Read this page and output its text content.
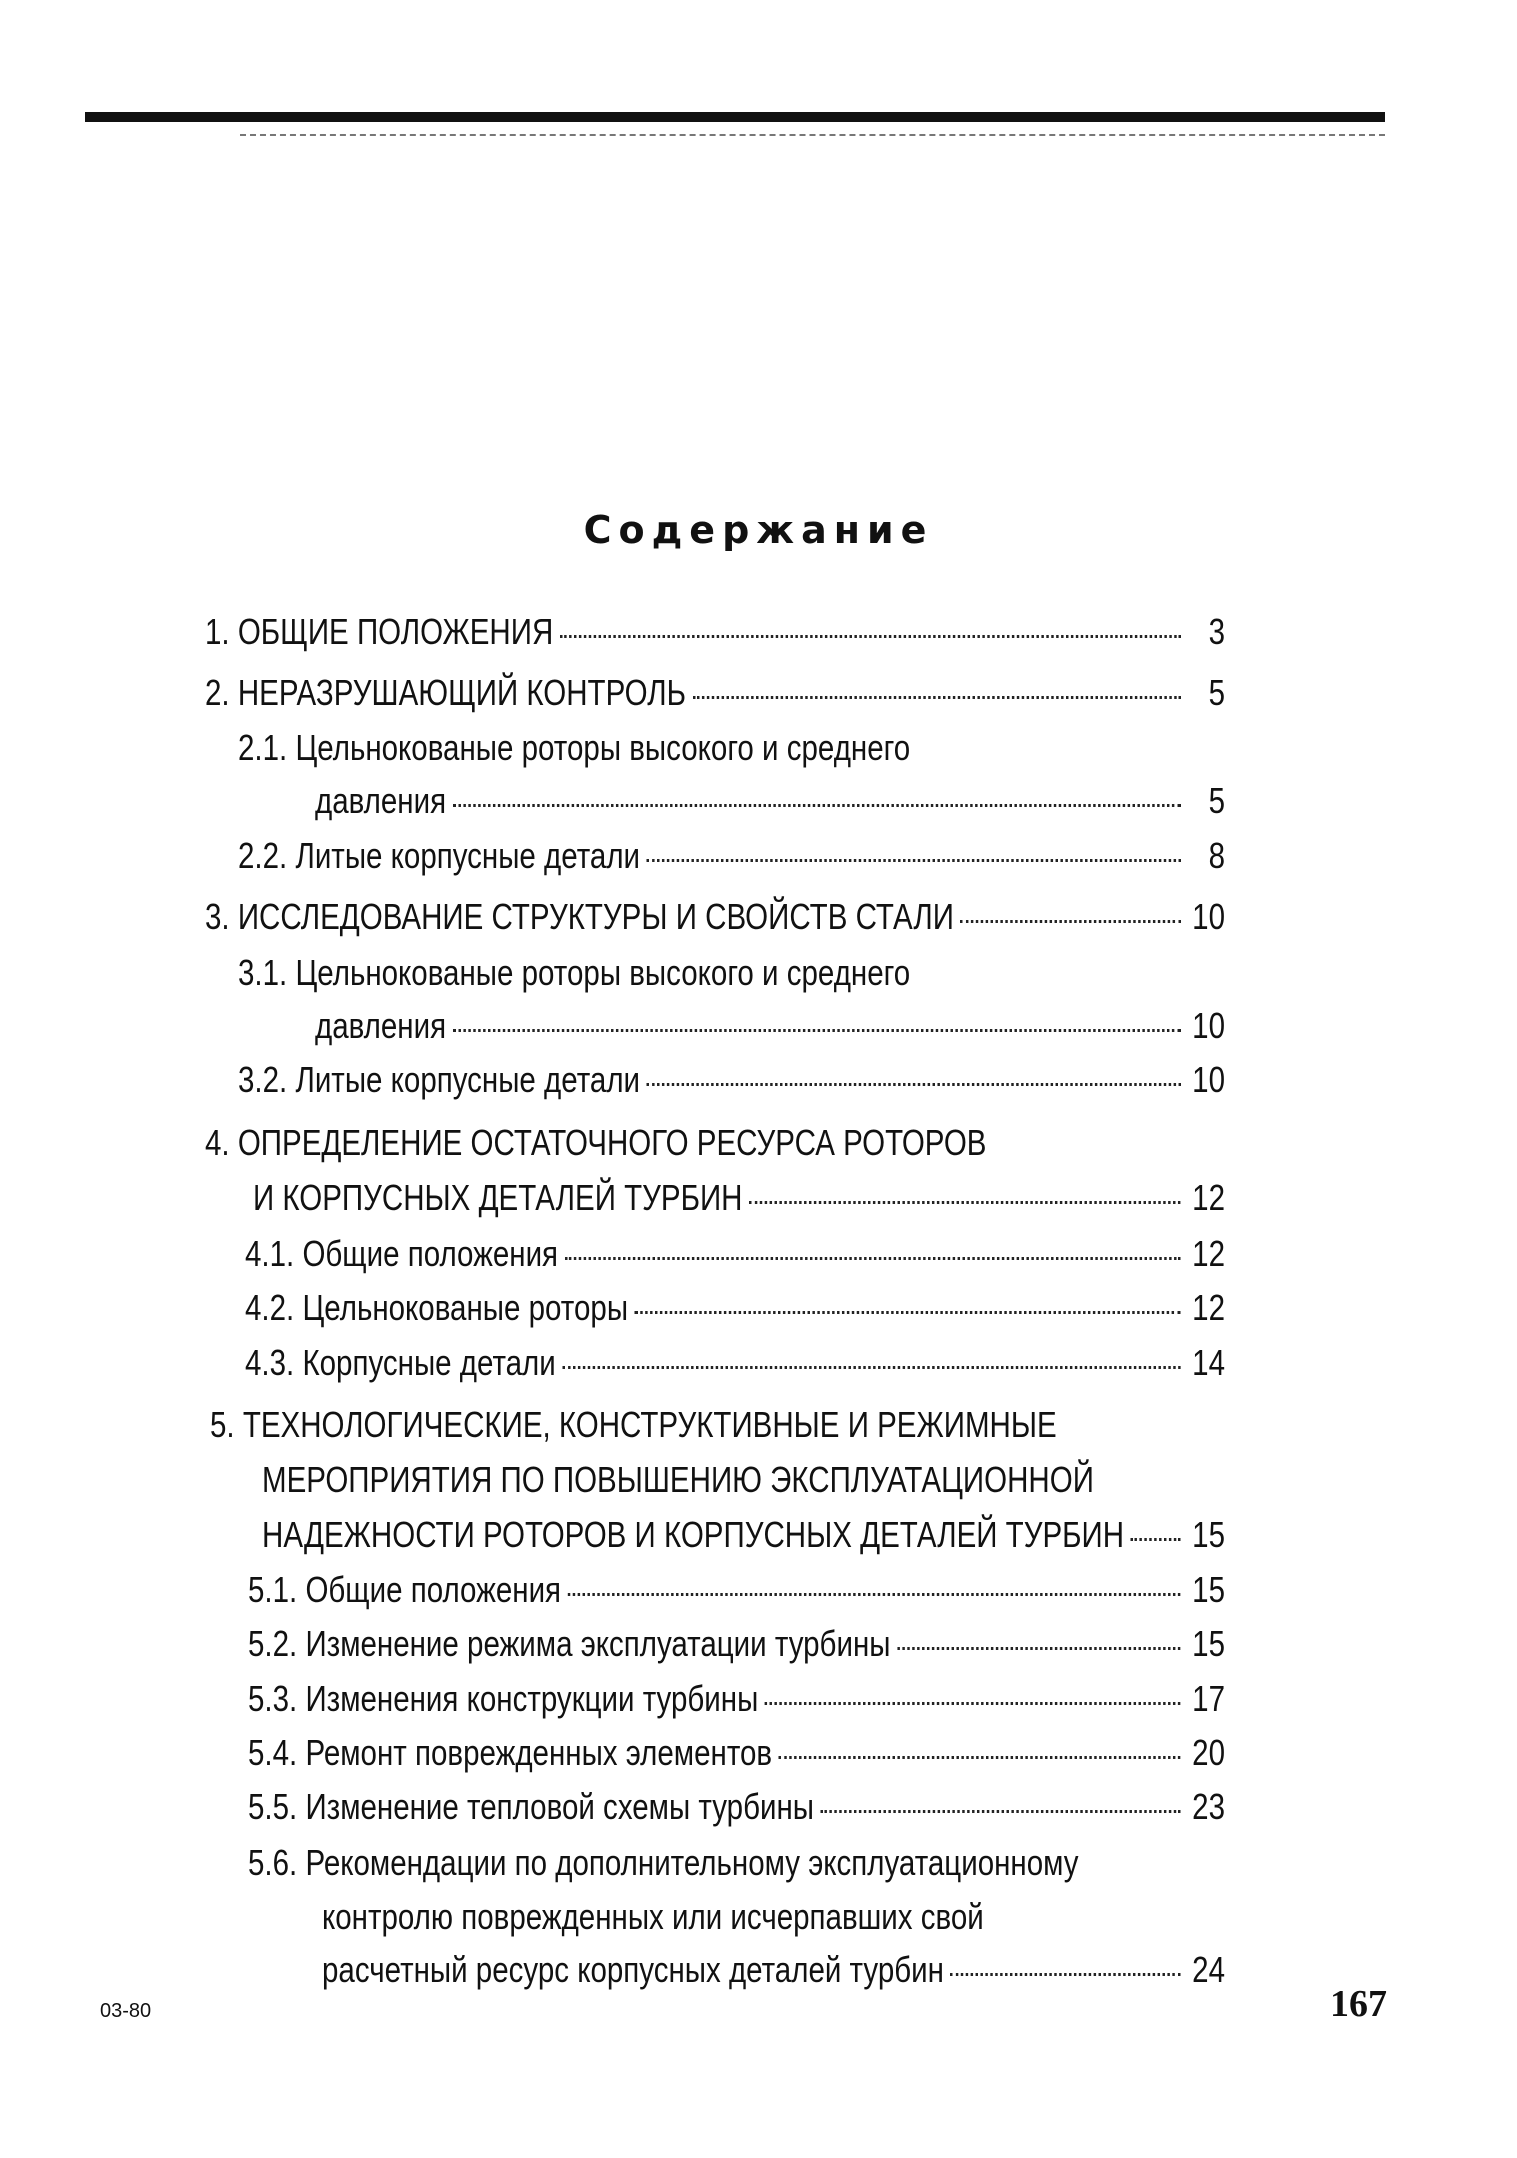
Содержание
1. ОБЩИЕ ПОЛОЖЕНИЯ	3
2. НЕРАЗРУШАЮЩИЙ КОНТРОЛЬ	5
2.1. Цельнокованые роторы высокого и среднего
давления	5
2.2. Литые корпусные детали	8
3. ИССЛЕДОВАНИЕ СТРУКТУРЫ И СВОЙСТВ СТАЛИ	10
3.1. Цельнокованые роторы высокого и среднего
давления	10
3.2. Литые корпусные детали	10
4. ОПРЕДЕЛЕНИЕ ОСТАТОЧНОГО РЕСУРСА РОТОРОВ
И КОРПУСНЫХ ДЕТАЛЕЙ ТУРБИН	12
4.1. Общие положения	12
4.2. Цельнокованые роторы	12
4.3. Корпусные детали	14
5. ТЕХНОЛОГИЧЕСКИЕ, КОНСТРУКТИВНЫЕ И РЕЖИМНЫЕ
МЕРОПРИЯТИЯ ПО ПОВЫШЕНИЮ ЭКСПЛУАТАЦИОННОЙ
НАДЕЖНОСТИ РОТОРОВ И КОРПУСНЫХ ДЕТАЛЕЙ ТУРБИН 15
5.1. Общие положения	15
5.2. Изменение режима эксплуатации турбины	15
5.3. Изменения конструкции турбины	17
5.4. Ремонт поврежденных элементов	20
5.5. Изменение тепловой схемы турбины	23
5.6. Рекомендации по дополнительному эксплуатационному
контролю поврежденных или исчерпавших свой
расчетный ресурс корпусных деталей турбин	24
03-80	167
